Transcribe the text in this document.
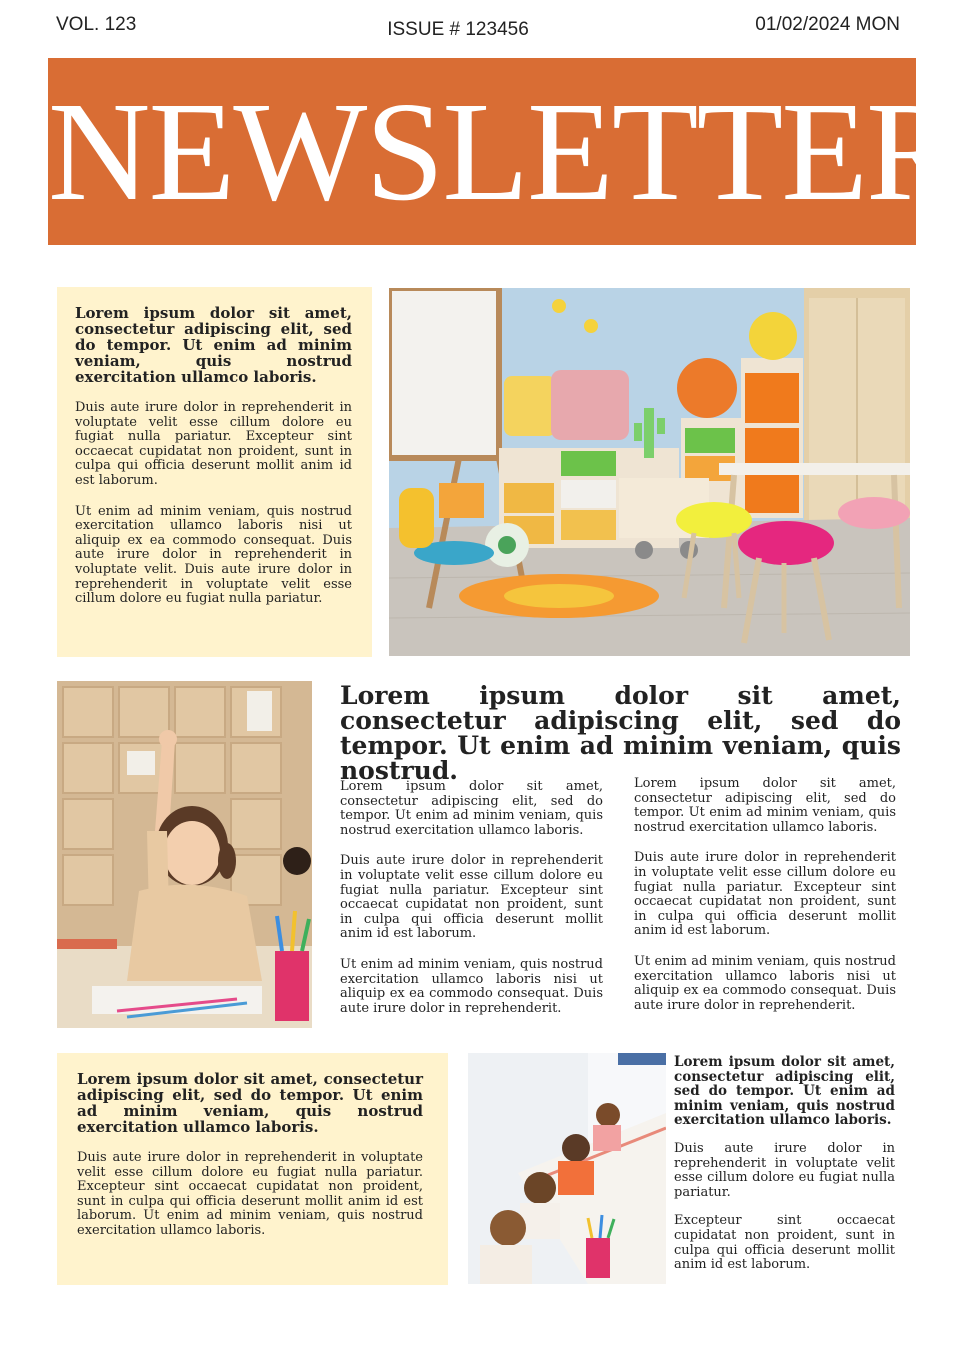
VOL. 123	ISSUE # 123456	01/02/2024 MON
NEWSLETTER

Lorem ipsum dolor sit amet, consectetur adipiscing elit, sed do tempor. Ut enim ad minim veniam, quis nostrud exercitation ullamco laboris.

Duis aute irure dolor in reprehenderit in voluptate velit esse cillum dolore eu fugiat nulla pariatur. Excepteur sint occaecat cupidatat non proident, sunt in culpa qui officia deserunt mollit anim id est laborum.

Ut enim ad minim veniam, quis nostrud exercitation ullamco laboris nisi ut aliquip ex ea commodo consequat. Duis aute irure dolor in reprehenderit in voluptate velit. Duis aute irure dolor in reprehenderit in voluptate velit esse cillum dolore eu fugiat nulla pariatur.

Lorem ipsum dolor sit amet, consectetur adipiscing elit, sed do tempor. Ut enim ad minim veniam, quis nostrud.

Lorem ipsum dolor sit amet, consectetur adipiscing elit, sed do tempor. Ut enim ad minim veniam, quis nostrud exercitation ullamco laboris.

Duis aute irure dolor in reprehenderit in voluptate velit esse cillum dolore eu fugiat nulla pariatur. Excepteur sint occaecat cupidatat non proident, sunt in culpa qui officia deserunt mollit anim id est laborum.

Ut enim ad minim veniam, quis nostrud exercitation ullamco laboris nisi ut aliquip ex ea commodo consequat. Duis aute irure dolor in reprehenderit.

Lorem ipsum dolor sit amet, consectetur adipiscing elit, sed do tempor. Ut enim ad minim veniam, quis nostrud exercitation ullamco laboris.

Duis aute irure dolor in reprehenderit in voluptate velit esse cillum dolore eu fugiat nulla pariatur. Excepteur sint occaecat cupidatat non proident, sunt in culpa qui officia deserunt mollit anim id est laborum.

Ut enim ad minim veniam, quis nostrud exercitation ullamco laboris nisi ut aliquip ex ea commodo consequat. Duis aute irure dolor in reprehenderit.

Lorem ipsum dolor sit amet, consectetur adipiscing elit, sed do tempor. Ut enim ad minim veniam, quis nostrud exercitation ullamco laboris.

Duis aute irure dolor in reprehenderit in voluptate velit esse cillum dolore eu fugiat nulla pariatur. Excepteur sint occaecat cupidatat non proident, sunt in culpa qui officia deserunt mollit anim id est laborum. Ut enim ad minim veniam, quis nostrud exercitation ullamco laboris.

Lorem ipsum dolor sit amet, consectetur adipiscing elit, sed do tempor. Ut enim ad minim veniam, quis nostrud exercitation ullamco laboris.

Duis aute irure dolor in reprehenderit in voluptate velit esse cillum dolore eu fugiat nulla pariatur.

Excepteur sint occaecat cupidatat non proident, sunt in culpa qui officia deserunt mollit anim id est laborum.
